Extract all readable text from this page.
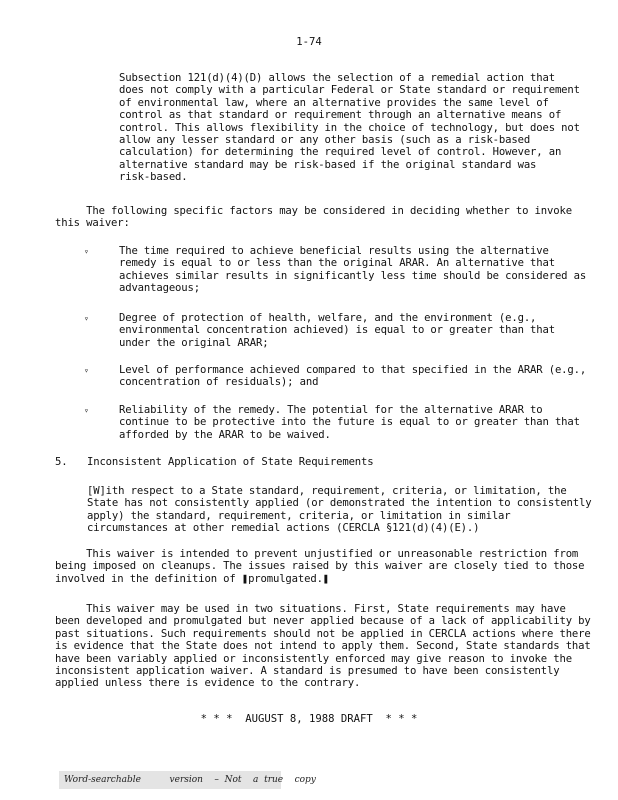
1-74
Subsection 121(d)(4)(D) allows the selection of a remedial action that
does not comply with a particular Federal or State standard or requirement
of environmental law, where an alternative provides the same level of
control as that standard or requirement through an alternative means of
control. This allows flexibility in the choice of technology, but does not
allow any lesser standard or any other basis (such as a risk-based
calculation) for determining the required level of control. However, an
alternative standard may be risk-based if the original standard was
risk-based.
The following specific factors may be considered in deciding whether to invoke
this waiver:
▿	The time required to achieve beneficial results using the alternative
remedy is equal to or less than the original ARAR. An alternative that
achieves similar results in significantly less time should be considered as
advantageous;
▿	Degree of protection of health, welfare, and the environment (e.g.,
environmental concentration achieved) is equal to or greater than that
under the original ARAR;
▿	Level of performance achieved compared to that specified in the ARAR (e.g.,
concentration of residuals); and
▿	Reliability of the remedy. The potential for the alternative ARAR to
continue to be protective into the future is equal to or greater than that
afforded by the ARAR to be waived.
5. Inconsistent Application of State Requirements
[W]ith respect to a State standard, requirement, criteria, or limitation, the
State has not consistently applied (or demonstrated the intention to consistently
apply) the standard, requirement, criteria, or limitation in similar
circumstances at other remedial actions (CERCLA §121(d)(4)(E).)
This waiver is intended to prevent unjustified or unreasonable restriction from
being imposed on cleanups. The issues raised by this waiver are closely tied to those
involved in the definition of ❚promulgated.❚
This waiver may be used in two situations. First, State requirements may have
been developed and promulgated but never applied because of a lack of applicability by
past situations. Such requirements should not be applied in CERCLA actions where there
is evidence that the State does not intend to apply them. Second, State standards that
have been variably applied or inconsistently enforced may give reason to invoke the
inconsistent application waiver. A standard is presumed to have been consistently
applied unless there is evidence to the contrary.
* * *  AUGUST 8, 1988 DRAFT  * * *
Word-searchable          version    –  Not    a  true    copy
